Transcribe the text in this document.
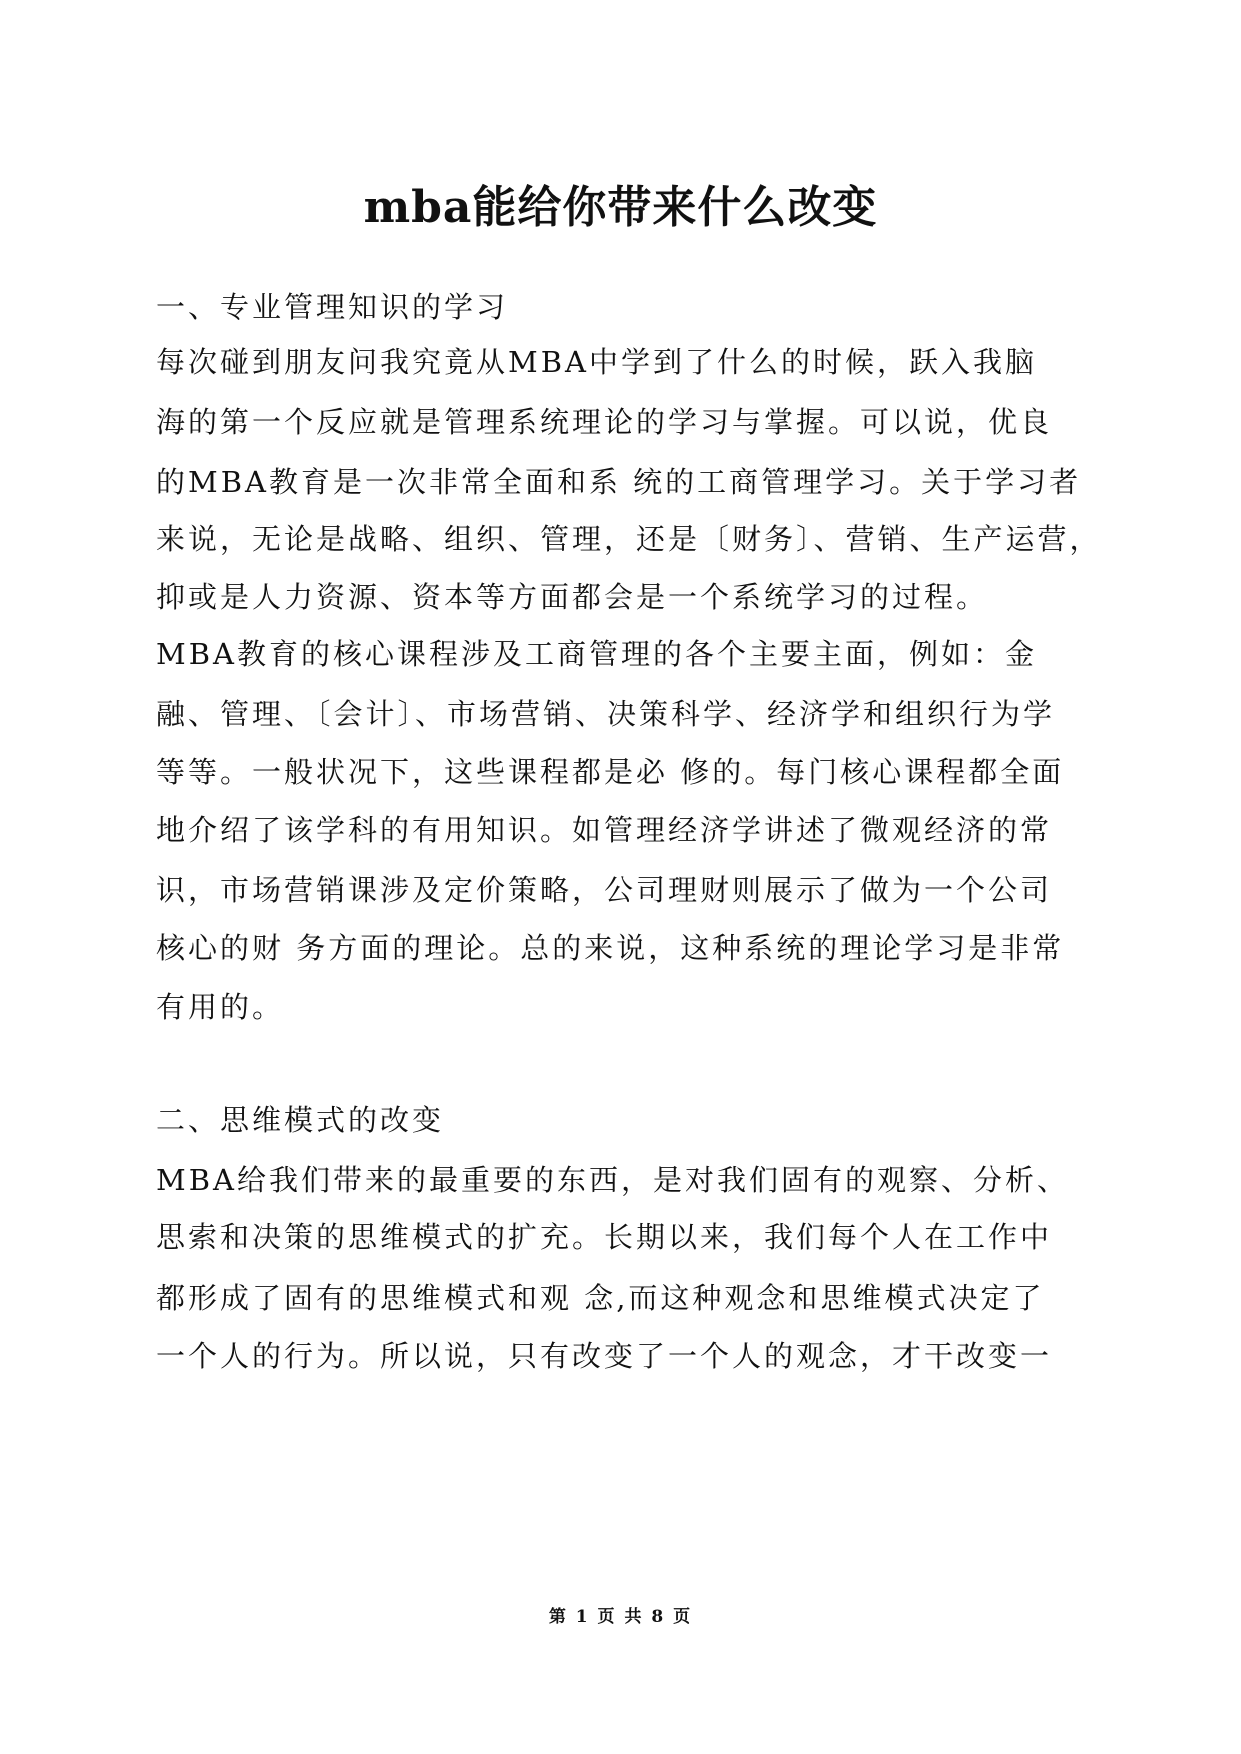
mba能给你带来什么改变

一、专业管理知识的学习

每次碰到朋友问我究竟从MBA中学到了什么的时候，跃入我脑

海的第一个反应就是管理系统理论的学习与掌握。可以说，优良

的MBA教育是一次非常全面和系 统的工商管理学习。关于学习者

来说，无论是战略、组织、管理，还是〔财务〕、营销、生产运营，

抑或是人力资源、资本等方面都会是一个系统学习的过程。

MBA教育的核心课程涉及工商管理的各个主要主面，例如：金

融、管理、〔会计〕、市场营销、决策科学、经济学和组织行为学

等等。一般状况下，这些课程都是必 修的。每门核心课程都全面

地介绍了该学科的有用知识。如管理经济学讲述了微观经济的常

识，市场营销课涉及定价策略，公司理财则展示了做为一个公司

核心的财 务方面的理论。总的来说，这种系统的理论学习是非常

有用的。

二、思维模式的改变

MBA给我们带来的最重要的东西，是对我们固有的观察、分析、

思索和决策的思维模式的扩充。长期以来，我们每个人在工作中

都形成了固有的思维模式和观 念,而这种观念和思维模式决定了

一个人的行为。所以说，只有改变了一个人的观念，才干改变一

第 1 页 共 8 页
